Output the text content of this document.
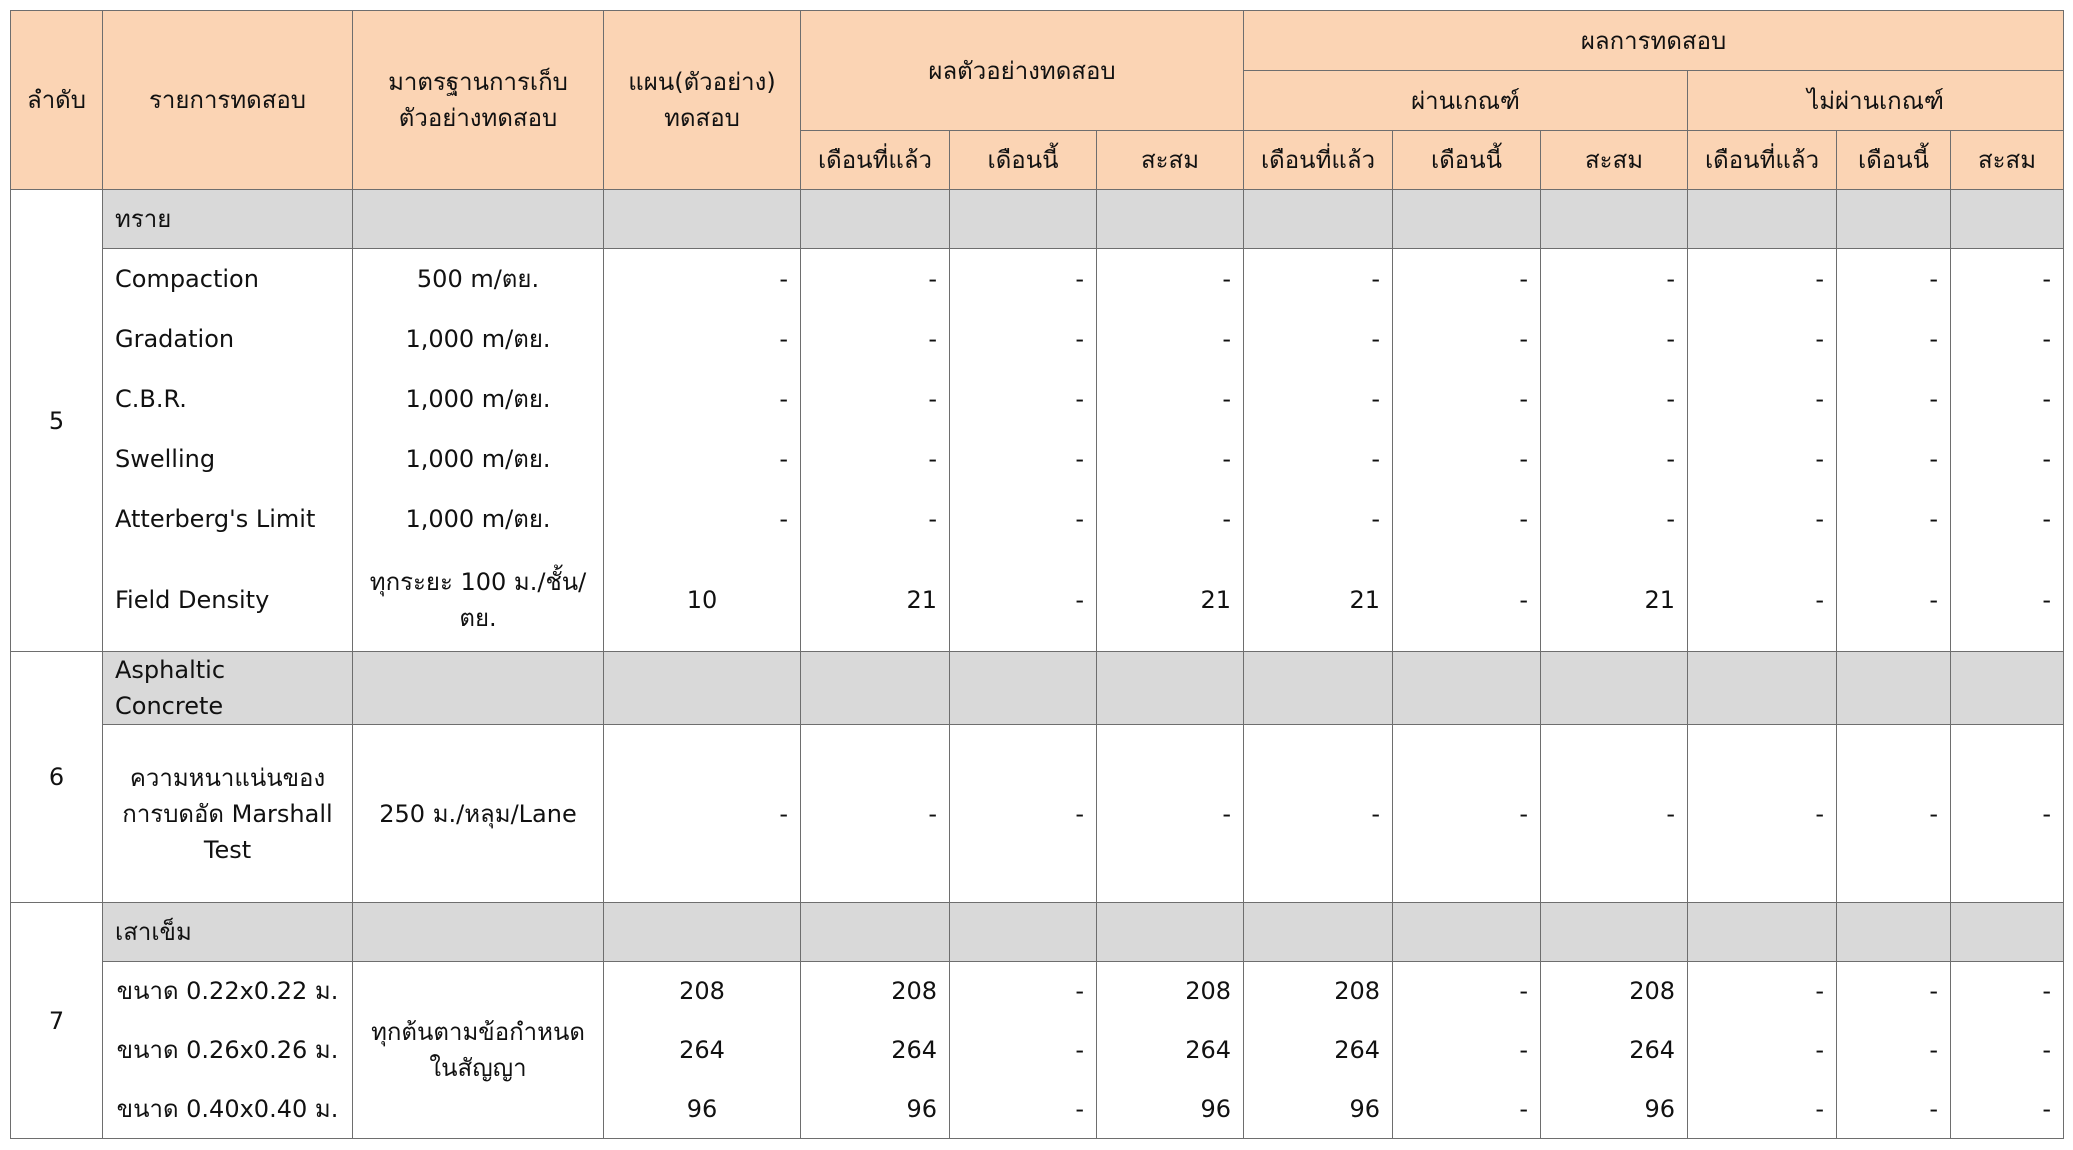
ลำดับ	รายการทดสอบ	มาตรฐานการเก็บ
ตัวอย่างทดสอบ	แผน(ตัวอย่าง)
ทดสอบ	ผลตัวอย่างทดสอบ			ผลการทดสอบ					
							ผ่านเกณฑ์			ไม่ผ่านเกณฑ์		
				เดือนที่แล้ว	เดือนนี้	สะสม	เดือนที่แล้ว	เดือนนี้	สะสม	เดือนที่แล้ว	เดือนนี้	สะสม
5	ทราย											
	Compaction	500 m/ตย.	-	-	-	-	-	-	-	-	-	-
	Gradation	1,000 m/ตย.	-	-	-	-	-	-	-	-	-	-
	C.B.R.	1,000 m/ตย.	-	-	-	-	-	-	-	-	-	-
	Swelling	1,000 m/ตย.	-	-	-	-	-	-	-	-	-	-
	Atterberg's Limit	1,000 m/ตย.	-	-	-	-	-	-	-	-	-	-
	Field Density	ทุกระยะ 100 ม./ชั้น/
ตย.	10	21	-	21	21	-	21	-	-	-
6	Asphaltic Concrete											
	ความหนาแน่นของ
การบดอัด Marshall
Test	250 ม./หลุม/Lane	-	-	-	-	-	-	-	-	-	-
7	เสาเข็ม											
	ขนาด 0.22x0.22 ม.	ทุกต้นตามข้อกำหนด
ในสัญญา	208	208	-	208	208	-	208	-	-	-
	ขนาด 0.26x0.26 ม.		264	264	-	264	264	-	264	-	-	-
	ขนาด 0.40x0.40 ม.		96	96	-	96	96	-	96	-	-	-
